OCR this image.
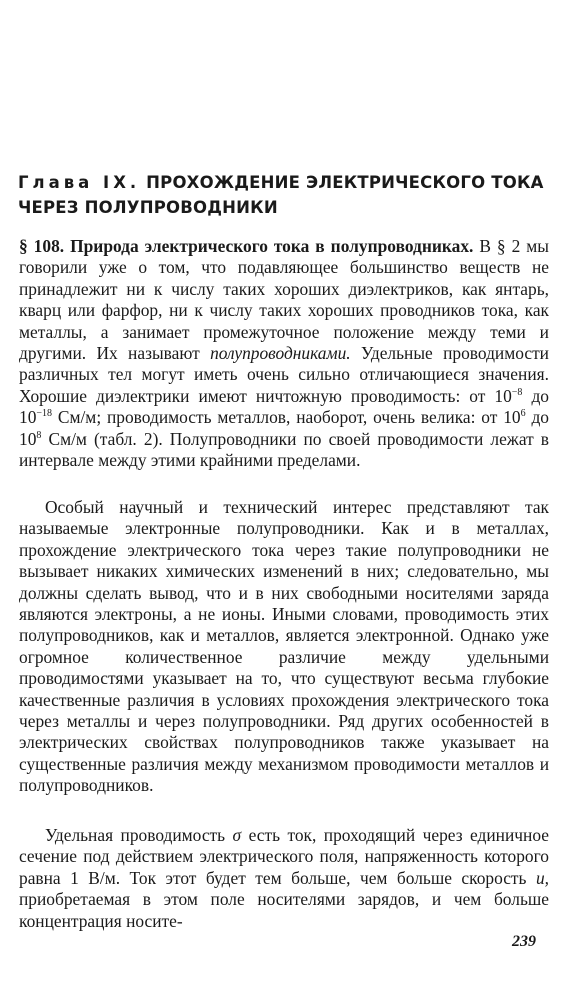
Глава IX. ПРОХОЖДЕНИЕ ЭЛЕКТРИЧЕСКОГО ТОКА
ЧЕРЕЗ ПОЛУПРОВОДНИКИ
§ 108. Природа электрического тока в полупроводниках. В § 2 мы говорили уже о том, что подавляющее большинство веществ не принадлежит ни к числу таких хороших диэлектриков, как янтарь, кварц или фарфор, ни к числу таких хороших проводников тока, как металлы, а занимает промежуточное положение между теми и другими. Их называют полупроводниками. Удельные проводимости различных тел могут иметь очень сильно отличающиеся значения. Хорошие диэлектрики имеют ничтожную проводимость: от $10^{-8}$ до $10^{-18}$ См/м; проводимость металлов, наоборот, очень велика: от $10^6$ до $10^8$ См/м (табл. 2). Полупроводники по своей проводимости лежат в интервале между этими крайними пределами.
Особый научный и технический интерес представляют так называемые электронные полупроводники. Как и в металлах, прохождение электрического тока через такие полупроводники не вызывает никаких химических изменений в них; следовательно, мы должны сделать вывод, что и в них свободными носителями заряда являются электроны, а не ионы. Иными словами, проводимость этих полупроводников, как и металлов, является электронной. Однако уже огромное количественное различие между удельными проводимостями указывает на то, что существуют весьма глубокие качественные различия в условиях прохождения электрического тока через металлы и через полупроводники. Ряд других особенностей в электрических свойствах полупроводников также указывает на существенные различия между механизмом проводимости металлов и полупроводников.
Удельная проводимость σ есть ток, проходящий через единичное сечение под действием электрического поля, напряженность которого равна 1 В/м. Ток этот будет тем больше, чем больше скорость u, приобретаемая в этом поле носителями зарядов, и чем больше концентрация носите-
239
